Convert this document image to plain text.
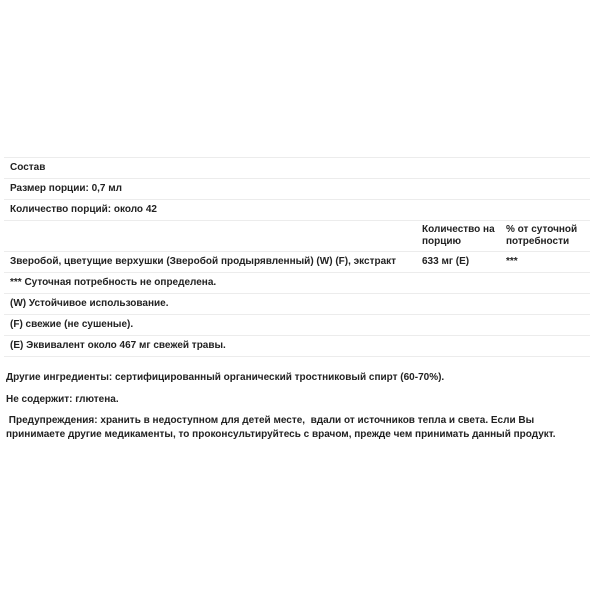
Состав		
Размер порции: 0,7 мл		
Количество порций: около 42		
	Количество на порцию	% от суточной потребности
Зверобой, цветущие верхушки (Зверобой продырявленный) (W) (F), экстракт	633 мг (E)	***
*** Суточная потребность не определена.		
(W) Устойчивое использование.		
(F) свежие (не сушеные).		
(E) Эквивалент около 467 мг свежей травы.		
Другие ингредиенты: сертифицированный органический тростниковый спирт (60-70%).
Не содержит: глютена.
Предупреждения: хранить в недоступном для детей месте,  вдали от источников тепла и света. Если Вы принимаете другие медикаменты, то проконсультируйтесь с врачом, прежде чем принимать данный продукт.
